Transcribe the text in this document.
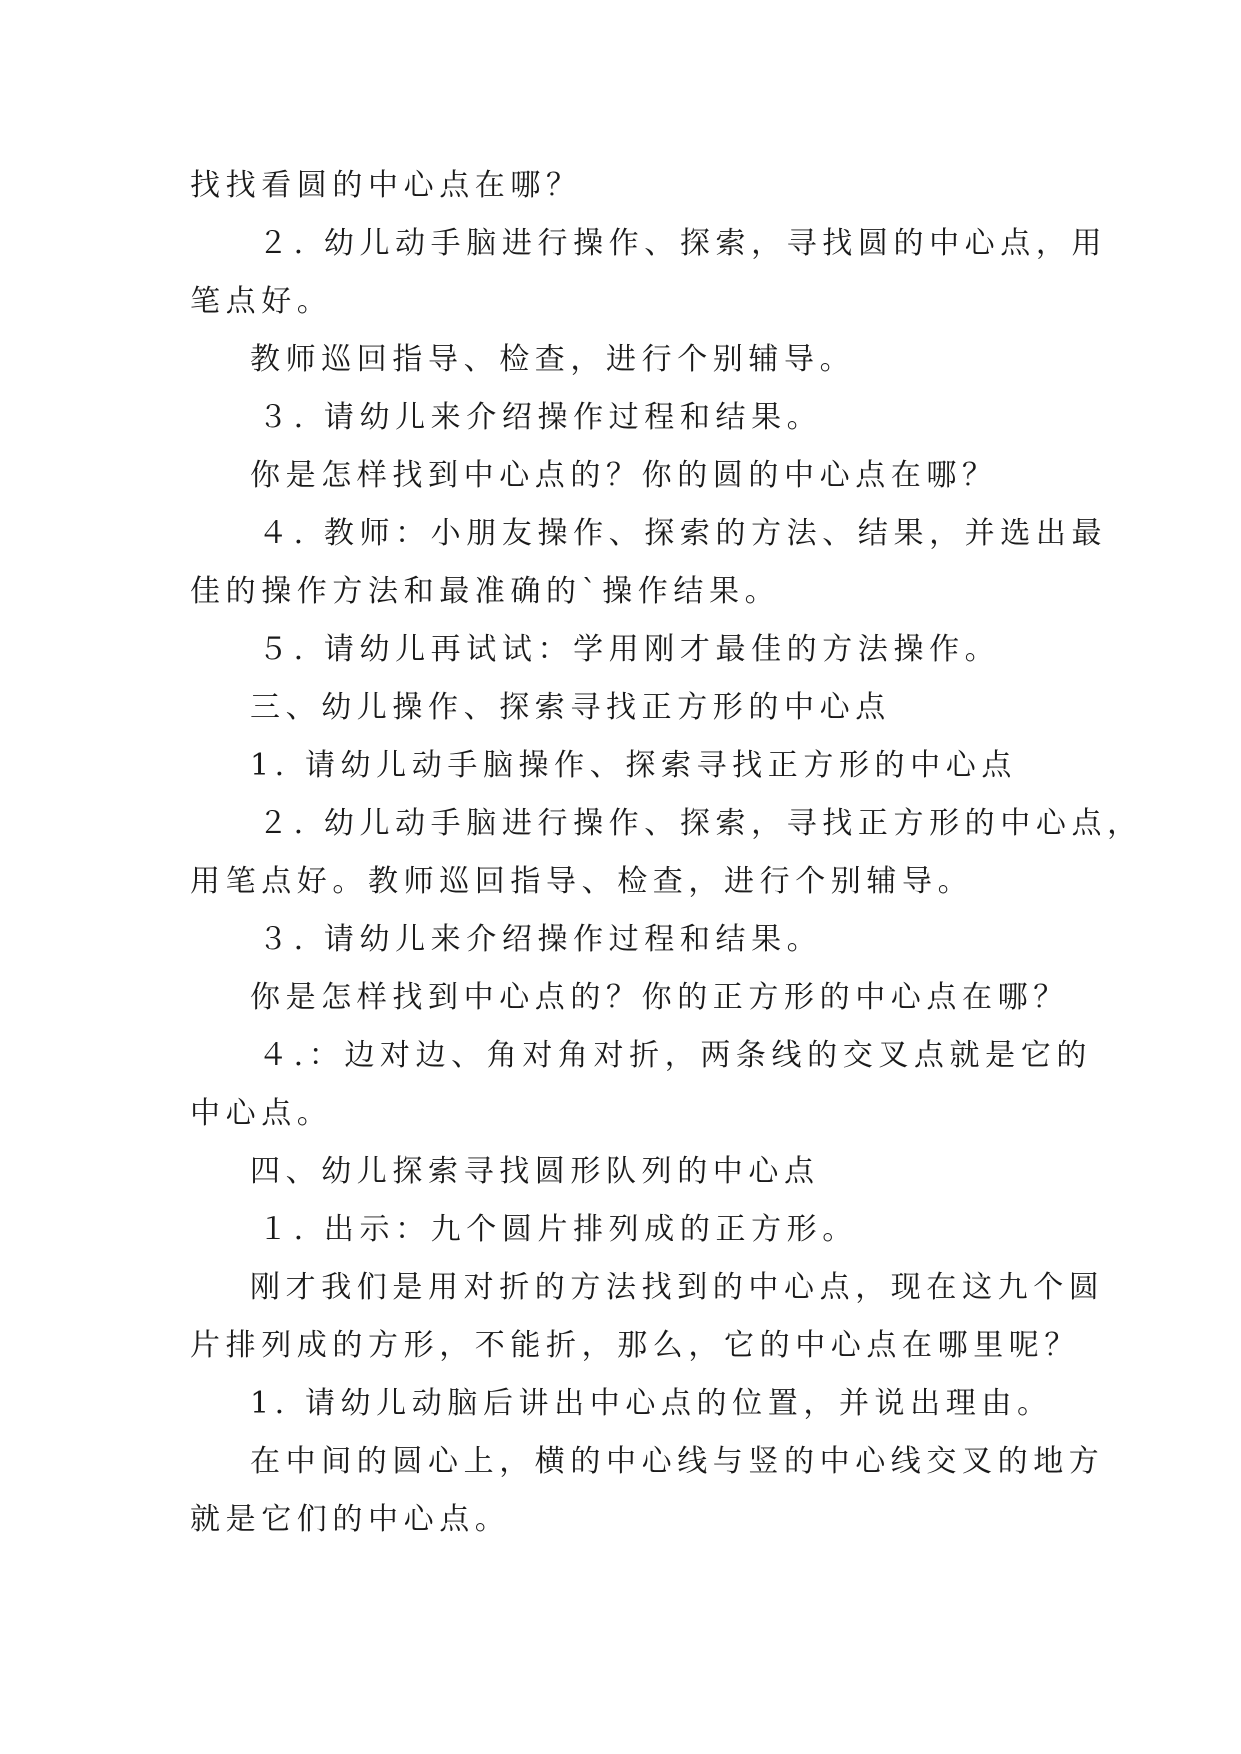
找找看圆的中心点在哪？

２. 幼儿动手脑进行操作、探索，寻找圆的中心点，用

笔点好。

教师巡回指导、检查，进行个别辅导。

３. 请幼儿来介绍操作过程和结果。

你是怎样找到中心点的？你的圆的中心点在哪？

４. 教师：小朋友操作、探索的方法、结果，并选出最

佳的操作方法和最准确的`操作结果。

５. 请幼儿再试试：学用刚才最佳的方法操作。

三、幼儿操作、探索寻找正方形的中心点

1. 请幼儿动手脑操作、探索寻找正方形的中心点

２. 幼儿动手脑进行操作、探索，寻找正方形的中心点，

用笔点好。教师巡回指导、检查，进行个别辅导。

３. 请幼儿来介绍操作过程和结果。

你是怎样找到中心点的？你的正方形的中心点在哪？

４.：边对边、角对角对折，两条线的交叉点就是它的

中心点。

四、幼儿探索寻找圆形队列的中心点

１. 出示：九个圆片排列成的正方形。

刚才我们是用对折的方法找到的中心点，现在这九个圆

片排列成的方形，不能折，那么，它的中心点在哪里呢？

1. 请幼儿动脑后讲出中心点的位置，并说出理由。

在中间的圆心上，横的中心线与竖的中心线交叉的地方

就是它们的中心点。
